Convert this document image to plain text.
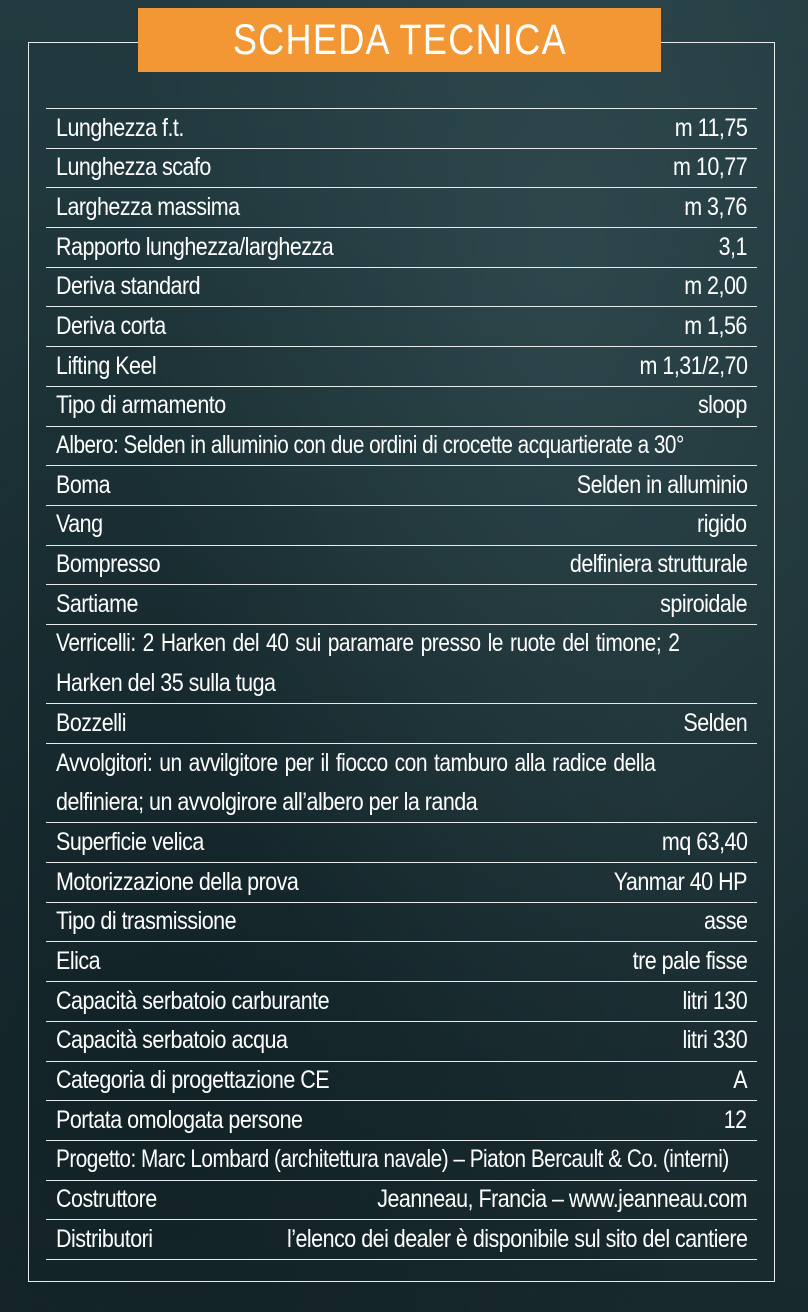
SCHEDA TECNICA
Lunghezza f.t.	m 11,75
Lunghezza scafo	m 10,77
Larghezza massima	m 3,76
Rapporto lunghezza/larghezza	3,1
Deriva standard	m 2,00
Deriva corta	m 1,56
Lifting Keel	m 1,31/2,70
Tipo di armamento	sloop
Albero: Selden in alluminio con due ordini di crocette acquartierate a 30°
Boma	Selden in alluminio
Vang	rigido
Bompresso	delfiniera strutturale
Sartiame	spiroidale
Verricelli: 2 Harken del 40 sui paramare presso le ruote del timone; 2
Harken del 35 sulla tuga
Bozzelli	Selden
Avvolgitori: un avvilgitore per il fiocco con tamburo alla radice della
delfiniera; un avvolgirore all’albero per la randa
Superficie velica	mq 63,40
Motorizzazione della prova	Yanmar 40 HP
Tipo di trasmissione	asse
Elica	tre pale fisse
Capacità serbatoio carburante	litri 130
Capacità serbatoio acqua	litri 330
Categoria di progettazione CE	A
Portata omologata persone	12
Progetto: Marc Lombard (architettura navale) – Piaton Bercault & Co. (interni)
Costruttore	Jeanneau, Francia – www.jeanneau.com
Distributori	l’elenco dei dealer è disponibile sul sito del cantiere
